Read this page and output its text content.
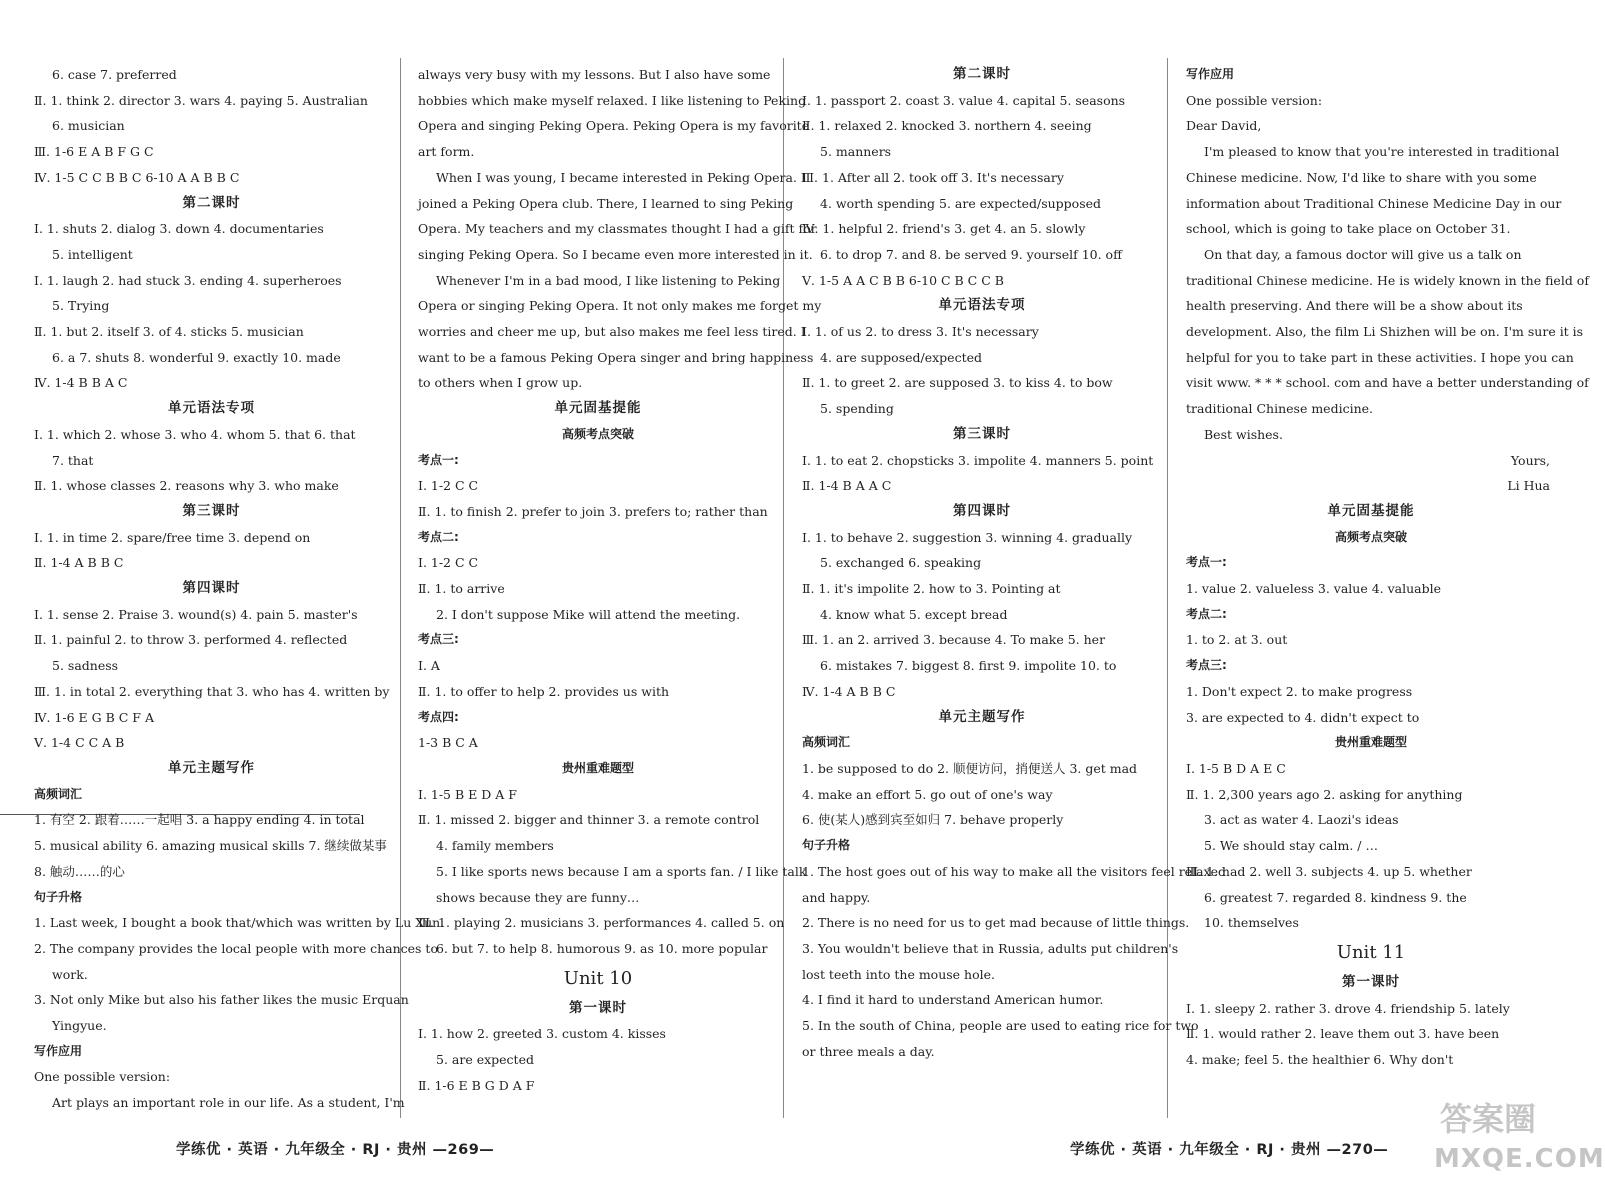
6. case 7. preferred
Ⅱ. 1. think 2. director 3. wars 4. paying 5. Australian
6. musician
Ⅲ. 1-6 E A B F G C
Ⅳ. 1-5 C C B B C 6-10 A A B B C
第二课时
Ⅰ. 1. shuts 2. dialog 3. down 4. documentaries
5. intelligent
Ⅰ. 1. laugh 2. had stuck 3. ending 4. superheroes
5. Trying
Ⅱ. 1. but 2. itself 3. of 4. sticks 5. musician
6. a 7. shuts 8. wonderful 9. exactly 10. made
Ⅳ. 1-4 B B A C
单元语法专项
Ⅰ. 1. which 2. whose 3. who 4. whom 5. that 6. that
7. that
Ⅱ. 1. whose classes 2. reasons why 3. who make
第三课时
Ⅰ. 1. in time 2. spare/free time 3. depend on
Ⅱ. 1-4 A B B C
第四课时
Ⅰ. 1. sense 2. Praise 3. wound(s) 4. pain 5. master's
Ⅱ. 1. painful 2. to throw 3. performed 4. reflected
5. sadness
Ⅲ. 1. in total 2. everything that 3. who has 4. written by
Ⅳ. 1-6 E G B C F A
Ⅴ. 1-4 C C A B
单元主题写作
高频词汇
1. 有空 2. 跟着……一起唱 3. a happy ending 4. in total
5. musical ability 6. amazing musical skills 7. 继续做某事
8. 触动……的心
句子升格
1. Last week, I bought a book that/which was written by Lu Xun.
2. The company provides the local people with more chances to
work.
3. Not only Mike but also his father likes the music Erquan
Yingyue.
写作应用
One possible version:
Art plays an important role in our life. As a student, I'm
always very busy with my lessons. But I also have some
hobbies which make myself relaxed. I like listening to Peking
Opera and singing Peking Opera. Peking Opera is my favorite
art form.
When I was young, I became interested in Peking Opera. I
joined a Peking Opera club. There, I learned to sing Peking
Opera. My teachers and my classmates thought I had a gift for
singing Peking Opera. So I became even more interested in it.
Whenever I'm in a bad mood, I like listening to Peking
Opera or singing Peking Opera. It not only makes me forget my
worries and cheer me up, but also makes me feel less tired. I
want to be a famous Peking Opera singer and bring happiness
to others when I grow up.
单元固基提能
高频考点突破
考点一:
Ⅰ. 1-2 C C
Ⅱ. 1. to finish 2. prefer to join 3. prefers to; rather than
考点二:
Ⅰ. 1-2 C C
Ⅱ. 1. to arrive
2. I don't suppose Mike will attend the meeting.
考点三:
Ⅰ. A
Ⅱ. 1. to offer to help 2. provides us with
考点四:
1-3 B C A
贵州重难题型
Ⅰ. 1-5 B E D A F
Ⅱ. 1. missed 2. bigger and thinner 3. a remote control
4. family members
5. I like sports news because I am a sports fan. / I like talk
shows because they are funny…
Ⅲ. 1. playing 2. musicians 3. performances 4. called 5. on
6. but 7. to help 8. humorous 9. as 10. more popular
Unit 10
第一课时
Ⅰ. 1. how 2. greeted 3. custom 4. kisses
5. are expected
Ⅱ. 1-6 E B G D A F
第二课时
Ⅰ. 1. passport 2. coast 3. value 4. capital 5. seasons
Ⅱ. 1. relaxed 2. knocked 3. northern 4. seeing
5. manners
Ⅲ. 1. After all 2. took off 3. It's necessary
4. worth spending 5. are expected/supposed
Ⅳ. 1. helpful 2. friend's 3. get 4. an 5. slowly
6. to drop 7. and 8. be served 9. yourself 10. off
Ⅴ. 1-5 A A C B B 6-10 C B C C B
单元语法专项
Ⅰ. 1. of us 2. to dress 3. It's necessary
4. are supposed/expected
Ⅱ. 1. to greet 2. are supposed 3. to kiss 4. to bow
5. spending
第三课时
Ⅰ. 1. to eat 2. chopsticks 3. impolite 4. manners 5. point
Ⅱ. 1-4 B A A C
第四课时
Ⅰ. 1. to behave 2. suggestion 3. winning 4. gradually
5. exchanged 6. speaking
Ⅱ. 1. it's impolite 2. how to 3. Pointing at
4. know what 5. except bread
Ⅲ. 1. an 2. arrived 3. because 4. To make 5. her
6. mistakes 7. biggest 8. first 9. impolite 10. to
Ⅳ. 1-4 A B B C
单元主题写作
高频词汇
1. be supposed to do 2. 顺便访问，捎便送人 3. get mad
4. make an effort 5. go out of one's way
6. 使(某人)感到宾至如归 7. behave properly
句子升格
1. The host goes out of his way to make all the visitors feel relaxed
and happy.
2. There is no need for us to get mad because of little things.
3. You wouldn't believe that in Russia, adults put children's
lost teeth into the mouse hole.
4. I find it hard to understand American humor.
5. In the south of China, people are used to eating rice for two
or three meals a day.
写作应用
One possible version:
Dear David,
I'm pleased to know that you're interested in traditional
Chinese medicine. Now, I'd like to share with you some
information about Traditional Chinese Medicine Day in our
school, which is going to take place on October 31.
On that day, a famous doctor will give us a talk on
traditional Chinese medicine. He is widely known in the field of
health preserving. And there will be a show about its
development. Also, the film Li Shizhen will be on. I'm sure it is
helpful for you to take part in these activities. I hope you can
visit www. * * * school. com and have a better understanding of
traditional Chinese medicine.
Best wishes.
Yours,
Li Hua
单元固基提能
高频考点突破
考点一:
1. value 2. valueless 3. value 4. valuable
考点二:
1. to 2. at 3. out
考点三:
1. Don't expect 2. to make progress
3. are expected to 4. didn't expect to
贵州重难题型
Ⅰ. 1-5 B D A E C
Ⅱ. 1. 2,300 years ago 2. asking for anything
3. act as water 4. Laozi's ideas
5. We should stay calm. / …
Ⅲ. 1. had 2. well 3. subjects 4. up 5. whether
6. greatest 7. regarded 8. kindness 9. the
10. themselves
Unit 11
第一课时
Ⅰ. 1. sleepy 2. rather 3. drove 4. friendship 5. lately
Ⅱ. 1. would rather 2. leave them out 3. have been
4. make; feel 5. the healthier 6. Why don't
学练优 · 英语 · 九年级全 · RJ · 贵州 —269—	学练优 · 英语 · 九年级全 · RJ · 贵州 —270—
答案圈
MXQE.COM
